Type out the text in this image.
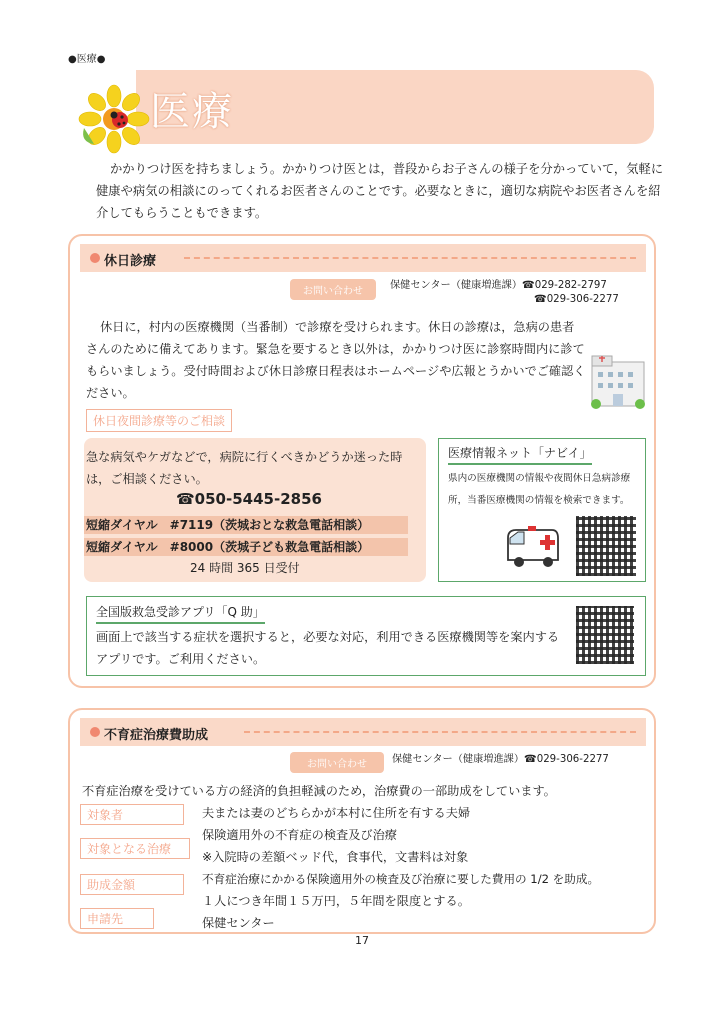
●医療●
医療

かかりつけ医を持ちましょう。かかりつけ医とは，普段からお子さんの様子を分かっていて，気軽に健康や病気の相談にのってくれるお医者さんのことです。必要なときに，適切な病院やお医者さんを紹介してもらうこともできます。

休日診療
お問い合わせ
保健センター（健康増進課）☎029-282-2797
☎029-306-2277

休日に，村内の医療機関（当番制）で診療を受けられます。休日の診療は，急病の患者さんのために備えてあります。緊急を要するとき以外は，かかりつけ医に診察時間内に診てもらいましょう。受付時間および休日診療日程表はホームページや広報とうかいでご確認ください。

休日夜間診療等のご相談
急な病気やケガなどで，病院に行くべきかどうか迷った時は，ご相談ください。
☎050-5445-2856
短縮ダイヤル　#7119（茨城おとな救急電話相談）
短縮ダイヤル　#8000（茨城子ども救急電話相談）
24 時間 365 日受付
医療情報ネット「ナビイ」
県内の医療機関の情報や夜間休日急病診療所，当番医療機関の情報を検索できます。
全国版救急受診アプリ「Q 助」
画面上で該当する症状を選択すると，必要な対応，利用できる医療機関等を案内するアプリです。ご利用ください。
不育症治療費助成
お問い合わせ	保健センター（健康増進課）☎029-306-2277
不育症治療を受けている方の経済的負担軽減のため，治療費の一部助成をしています。
対象者
対象となる治療
助成金額
申請先
夫または妻のどちらかが本村に住所を有する夫婦
保険適用外の不育症の検査及び治療
※入院時の差額ベッド代，食事代，文書料は対象
不育症治療にかかる保険適用外の検査及び治療に要した費用の 1/2 を助成。
１人につき年間１５万円，５年間を限度とする。
保健センター
17
